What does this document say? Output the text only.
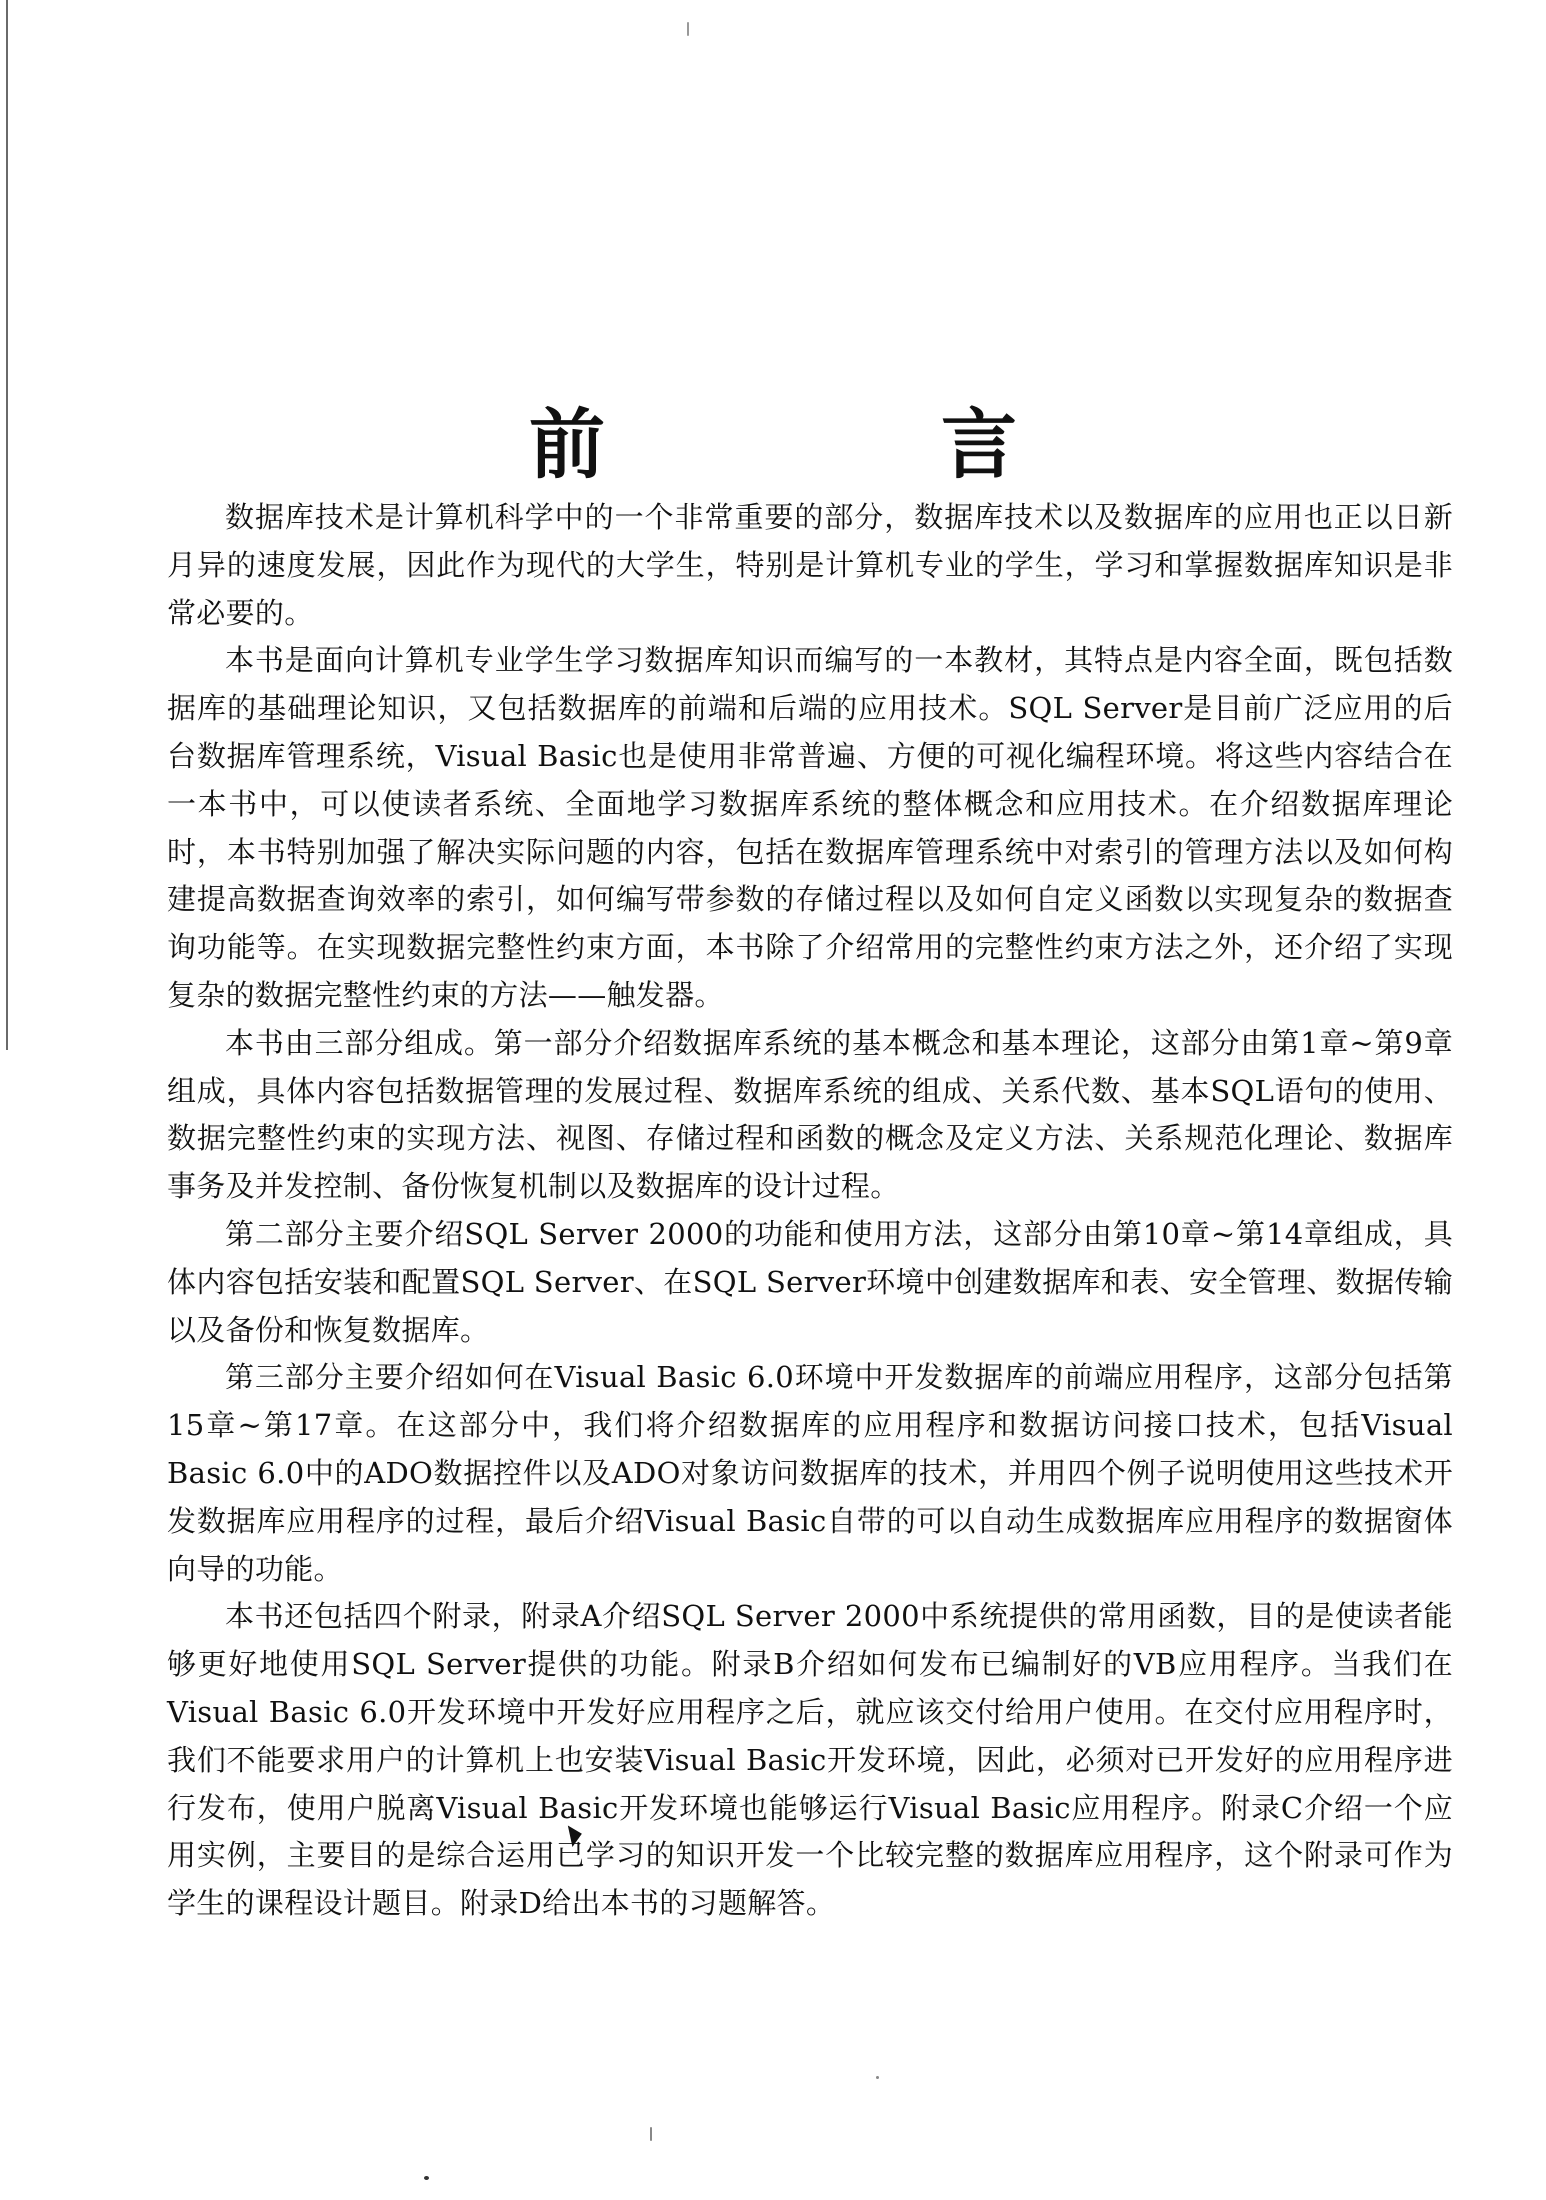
前　言

数据库技术是计算机科学中的一个非常重要的部分，数据库技术以及数据库的应用也正以日新月异的速度发展，因此作为现代的大学生，特别是计算机专业的学生，学习和掌握数据库知识是非常必要的。

本书是面向计算机专业学生学习数据库知识而编写的一本教材，其特点是内容全面，既包括数据库的基础理论知识，又包括数据库的前端和后端的应用技术。SQL Server是目前广泛应用的后台数据库管理系统，Visual Basic也是使用非常普遍、方便的可视化编程环境。将这些内容结合在一本书中，可以使读者系统、全面地学习数据库系统的整体概念和应用技术。在介绍数据库理论时，本书特别加强了解决实际问题的内容，包括在数据库管理系统中对索引的管理方法以及如何构建提高数据查询效率的索引，如何编写带参数的存储过程以及如何自定义函数以实现复杂的数据查询功能等。在实现数据完整性约束方面，本书除了介绍常用的完整性约束方法之外，还介绍了实现复杂的数据完整性约束的方法——触发器。

本书由三部分组成。第一部分介绍数据库系统的基本概念和基本理论，这部分由第1章~第9章组成，具体内容包括数据管理的发展过程、数据库系统的组成、关系代数、基本SQL语句的使用、数据完整性约束的实现方法、视图、存储过程和函数的概念及定义方法、关系规范化理论、数据库事务及并发控制、备份恢复机制以及数据库的设计过程。

第二部分主要介绍SQL Server 2000的功能和使用方法，这部分由第10章~第14章组成，具体内容包括安装和配置SQL Server、在SQL Server环境中创建数据库和表、安全管理、数据传输以及备份和恢复数据库。

第三部分主要介绍如何在Visual Basic 6.0环境中开发数据库的前端应用程序，这部分包括第15章~第17章。在这部分中，我们将介绍数据库的应用程序和数据访问接口技术，包括Visual Basic 6.0中的ADO数据控件以及ADO对象访问数据库的技术，并用四个例子说明使用这些技术开发数据库应用程序的过程，最后介绍Visual Basic自带的可以自动生成数据库应用程序的数据窗体向导的功能。

本书还包括四个附录，附录A介绍SQL Server 2000中系统提供的常用函数，目的是使读者能够更好地使用SQL Server提供的功能。附录B介绍如何发布已编制好的VB应用程序。当我们在Visual Basic 6.0开发环境中开发好应用程序之后，就应该交付给用户使用。在交付应用程序时，我们不能要求用户的计算机上也安装Visual Basic开发环境，因此，必须对已开发好的应用程序进行发布，使用户脱离Visual Basic开发环境也能够运行Visual Basic应用程序。附录C介绍一个应用实例，主要目的是综合运用已学习的知识开发一个比较完整的数据库应用程序，这个附录可作为学生的课程设计题目。附录D给出本书的习题解答。
